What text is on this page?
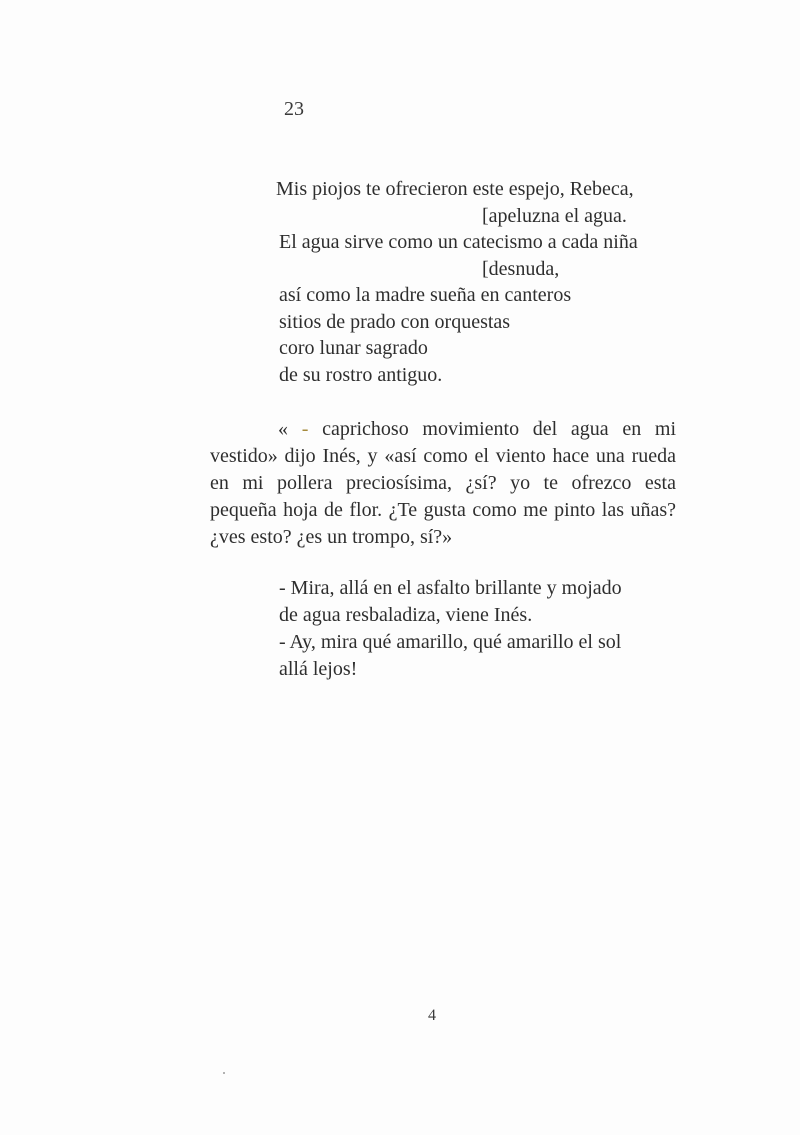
23
Mis piojos te ofrecieron este espejo, Rebeca,
[apeluzna el agua.
El agua sirve como un catecismo a cada niña
[desnuda,
así como la madre sueña en canteros
sitios de prado con orquestas
coro lunar sagrado
de su rostro antiguo.
« - caprichoso movimiento del agua en mi vestido» dijo Inés, y «así como el viento hace una rueda en mi pollera preciosísima, ¿sí? yo te ofrezco esta pequeña hoja de flor. ¿Te gusta como me pinto las uñas? ¿ves esto? ¿es un trompo, sí?»
- Mira, allá en el asfalto brillante y mojado
de agua resbaladiza, viene Inés.
- Ay, mira qué amarillo, qué amarillo el sol
allá lejos!
4
